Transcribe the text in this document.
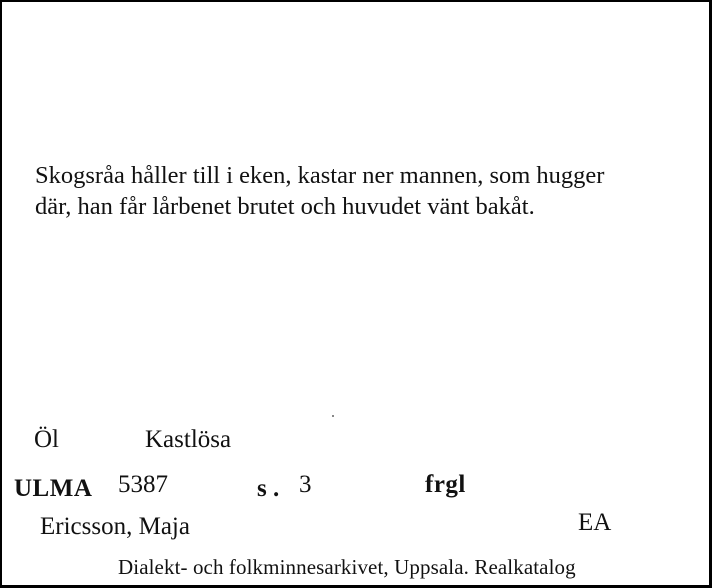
Skogsråa håller till i eken, kastar ner mannen, som hugger
där, han får lårbenet brutet och huvudet vänt bakåt.

Öl	Kastlösa
ULMA 5387	s . 3	frgl
Ericsson, Maja	EA
Dialekt- och folkminnesarkivet, Uppsala. Realkatalog
